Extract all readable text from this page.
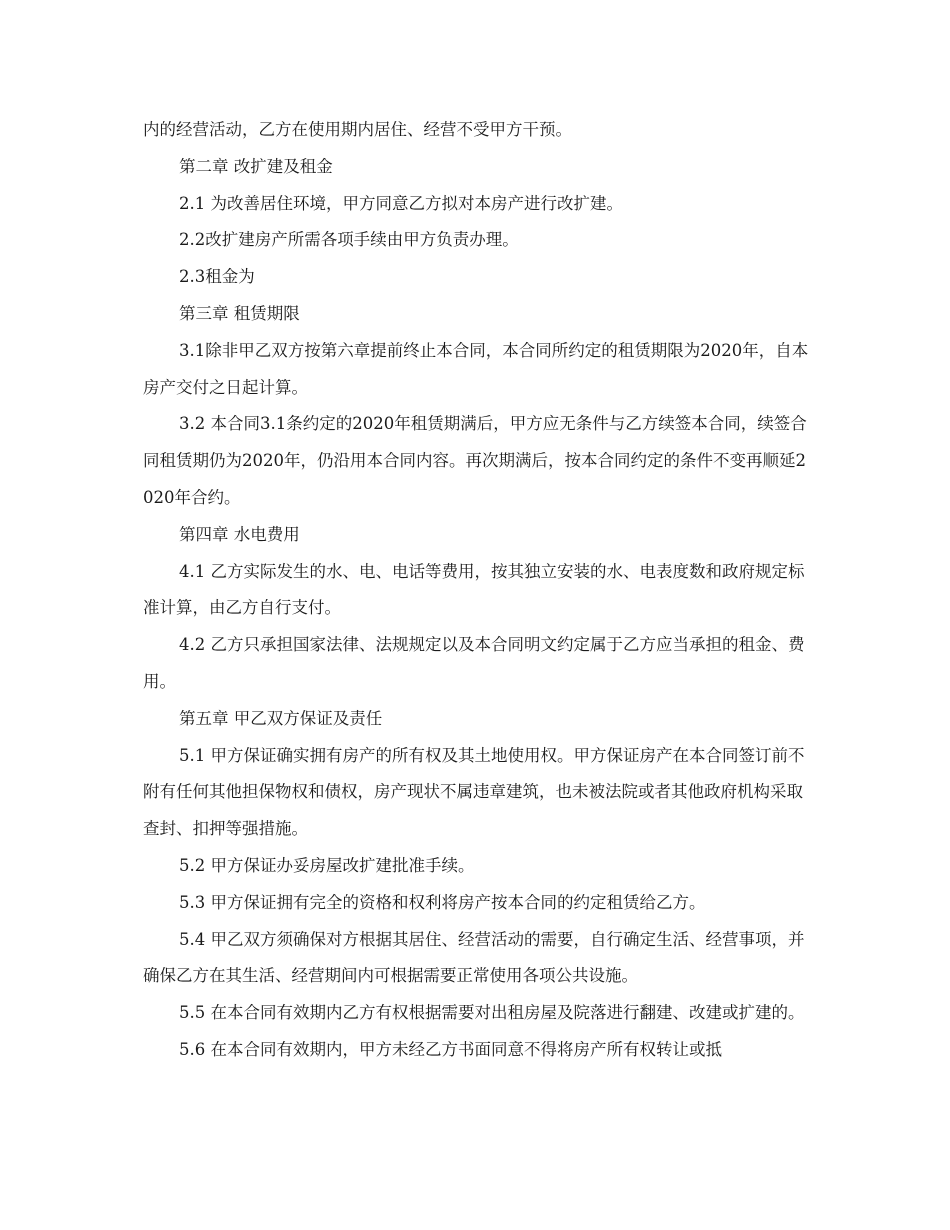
内的经营活动，乙方在使用期内居住、经营不受甲方干预。

第二章 改扩建及租金

2.1 为改善居住环境，甲方同意乙方拟对本房产进行改扩建。

2.2改扩建房产所需各项手续由甲方负责办理。

2.3租金为

第三章 租赁期限

3.1除非甲乙双方按第六章提前终止本合同，本合同所约定的租赁期限为2020年，自本房产交付之日起计算。

3.2 本合同3.1条约定的2020年租赁期满后，甲方应无条件与乙方续签本合同，续签合同租赁期仍为2020年，仍沿用本合同内容。再次期满后，按本合同约定的条件不变再顺延2020年合约。

第四章 水电费用

4.1 乙方实际发生的水、电、电话等费用，按其独立安装的水、电表度数和政府规定标准计算，由乙方自行支付。

4.2 乙方只承担国家法律、法规规定以及本合同明文约定属于乙方应当承担的租金、费用。

第五章 甲乙双方保证及责任

5.1 甲方保证确实拥有房产的所有权及其土地使用权。甲方保证房产在本合同签订前不附有任何其他担保物权和债权，房产现状不属违章建筑，也未被法院或者其他政府机构采取查封、扣押等强措施。

5.2 甲方保证办妥房屋改扩建批准手续。

5.3 甲方保证拥有完全的资格和权利将房产按本合同的约定租赁给乙方。

5.4 甲乙双方须确保对方根据其居住、经营活动的需要，自行确定生活、经营事项，并确保乙方在其生活、经营期间内可根据需要正常使用各项公共设施。

5.5 在本合同有效期内乙方有权根据需要对出租房屋及院落进行翻建、改建或扩建的。

5.6 在本合同有效期内，甲方未经乙方书面同意不得将房产所有权转让或抵
